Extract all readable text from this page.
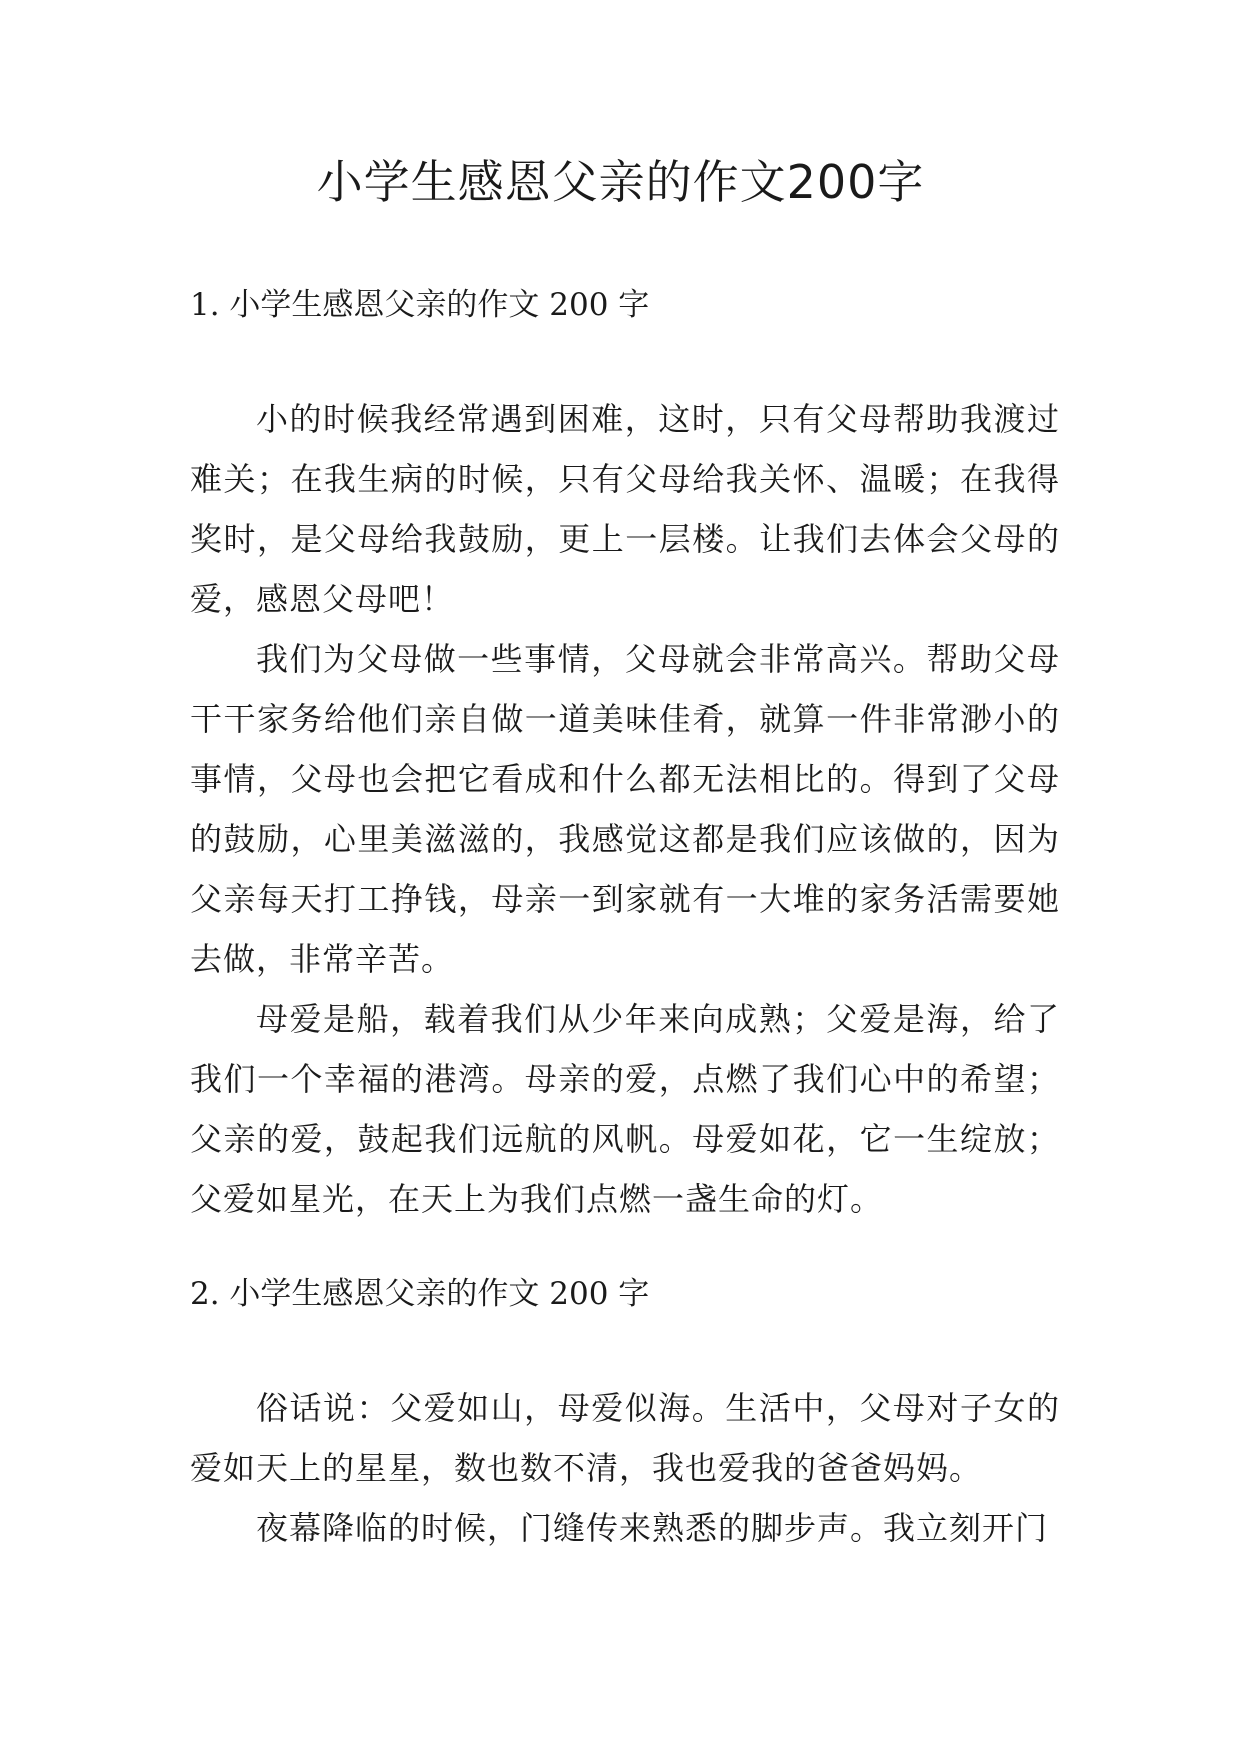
小学生感恩父亲的作文200字
1. 小学生感恩父亲的作文 200 字

小的时候我经常遇到困难，这时，只有父母帮助我渡过难关；在我生病的时候，只有父母给我关怀、温暖；在我得奖时，是父母给我鼓励，更上一层楼。让我们去体会父母的爱，感恩父母吧！

我们为父母做一些事情，父母就会非常高兴。帮助父母干干家务给他们亲自做一道美味佳肴，就算一件非常渺小的事情，父母也会把它看成和什么都无法相比的。得到了父母的鼓励，心里美滋滋的，我感觉这都是我们应该做的，因为父亲每天打工挣钱，母亲一到家就有一大堆的家务活需要她去做，非常辛苦。

母爱是船，载着我们从少年来向成熟；父爱是海，给了我们一个幸福的港湾。母亲的爱，点燃了我们心中的希望；父亲的爱，鼓起我们远航的风帆。母爱如花，它一生绽放；父爱如星光，在天上为我们点燃一盏生命的灯。

2. 小学生感恩父亲的作文 200 字

俗话说：父爱如山，母爱似海。生活中，父母对子女的爱如天上的星星，数也数不清，我也爱我的爸爸妈妈。

夜幕降临的时候，门缝传来熟悉的脚步声。我立刻开门
